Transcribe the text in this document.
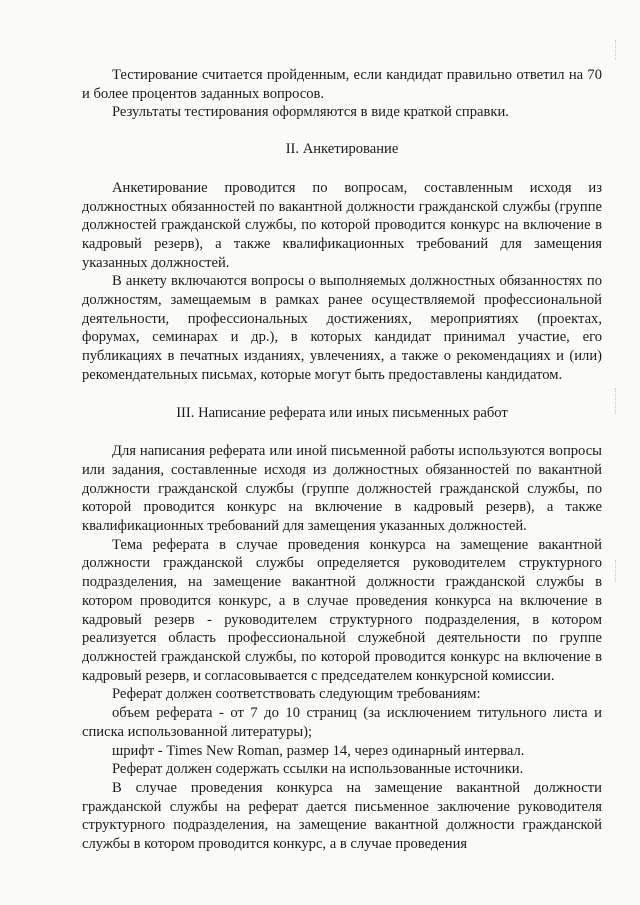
Тестирование считается пройденным, если кандидат правильно ответил на 70 и более процентов заданных вопросов.

Результаты тестирования оформляются в виде краткой справки.

II. Анкетирование

Анкетирование проводится по вопросам, составленным исходя из должностных обязанностей по вакантной должности гражданской службы (группе должностей гражданской службы, по которой проводится конкурс на включение в кадровый резерв), а также квалификационных требований для замещения указанных должностей.

В анкету включаются вопросы о выполняемых должностных обязанностях по должностям, замещаемым в рамках ранее осуществляемой профессиональной деятельности, профессиональных достижениях, мероприятиях (проектах, форумах, семинарах и др.), в которых кандидат принимал участие, его публикациях в печатных изданиях, увлечениях, а также о рекомендациях и (или) рекомендательных письмах, которые могут быть предоставлены кандидатом.

III. Написание реферата или иных письменных работ

Для написания реферата или иной письменной работы используются вопросы или задания, составленные исходя из должностных обязанностей по вакантной должности гражданской службы (группе должностей гражданской службы, по которой проводится конкурс на включение в кадровый резерв), а также квалификационных требований для замещения указанных должностей.

Тема реферата в случае проведения конкурса на замещение вакантной должности гражданской службы определяется руководителем структурного подразделения, на замещение вакантной должности гражданской службы в котором проводится конкурс, а в случае проведения конкурса на включение в кадровый резерв - руководителем структурного подразделения, в котором реализуется область профессиональной служебной деятельности по группе должностей гражданской службы, по которой проводится конкурс на включение в кадровый резерв, и согласовывается с председателем конкурсной комиссии.

Реферат должен соответствовать следующим требованиям:

объем реферата - от 7 до 10 страниц (за исключением титульного листа и списка использованной литературы);

шрифт - Times New Roman, размер 14, через одинарный интервал.

Реферат должен содержать ссылки на использованные источники.

В случае проведения конкурса на замещение вакантной должности гражданской службы на реферат дается письменное заключение руководителя структурного подразделения, на замещение вакантной должности гражданской службы в котором проводится конкурс, а в случае проведения
